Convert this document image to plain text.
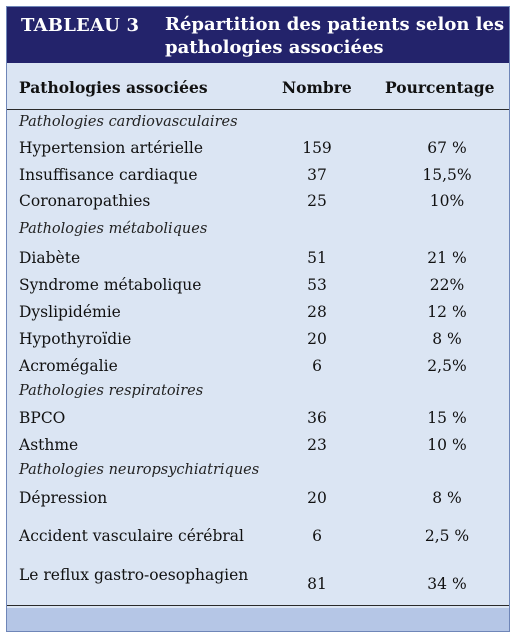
TABLEAU 3 Répartition des patients selon les pathologies associées
Pathologies associées	Nombre Pourcentage
Pathologies cardiovasculaires
Hypertension artérielle	159	67 %
Insuffisance cardiaque	37	15,5%
Coronaropathies	25	10%
Pathologies métaboliques
Diabète	51	21 %
Syndrome métabolique	53	22%
Dyslipidémie	28	12 %
Hypothyroïdie	20	8 %
Acromégalie	6	2,5%
Pathologies respiratoires
BPCO	36	15 %
Asthme	23	10 %
Pathologies neuropsychiatriques
Dépression	20	8 %
Accident vasculaire cérébral	6	2,5 %
Le reflux gastro-oesophagien	81	34 %
